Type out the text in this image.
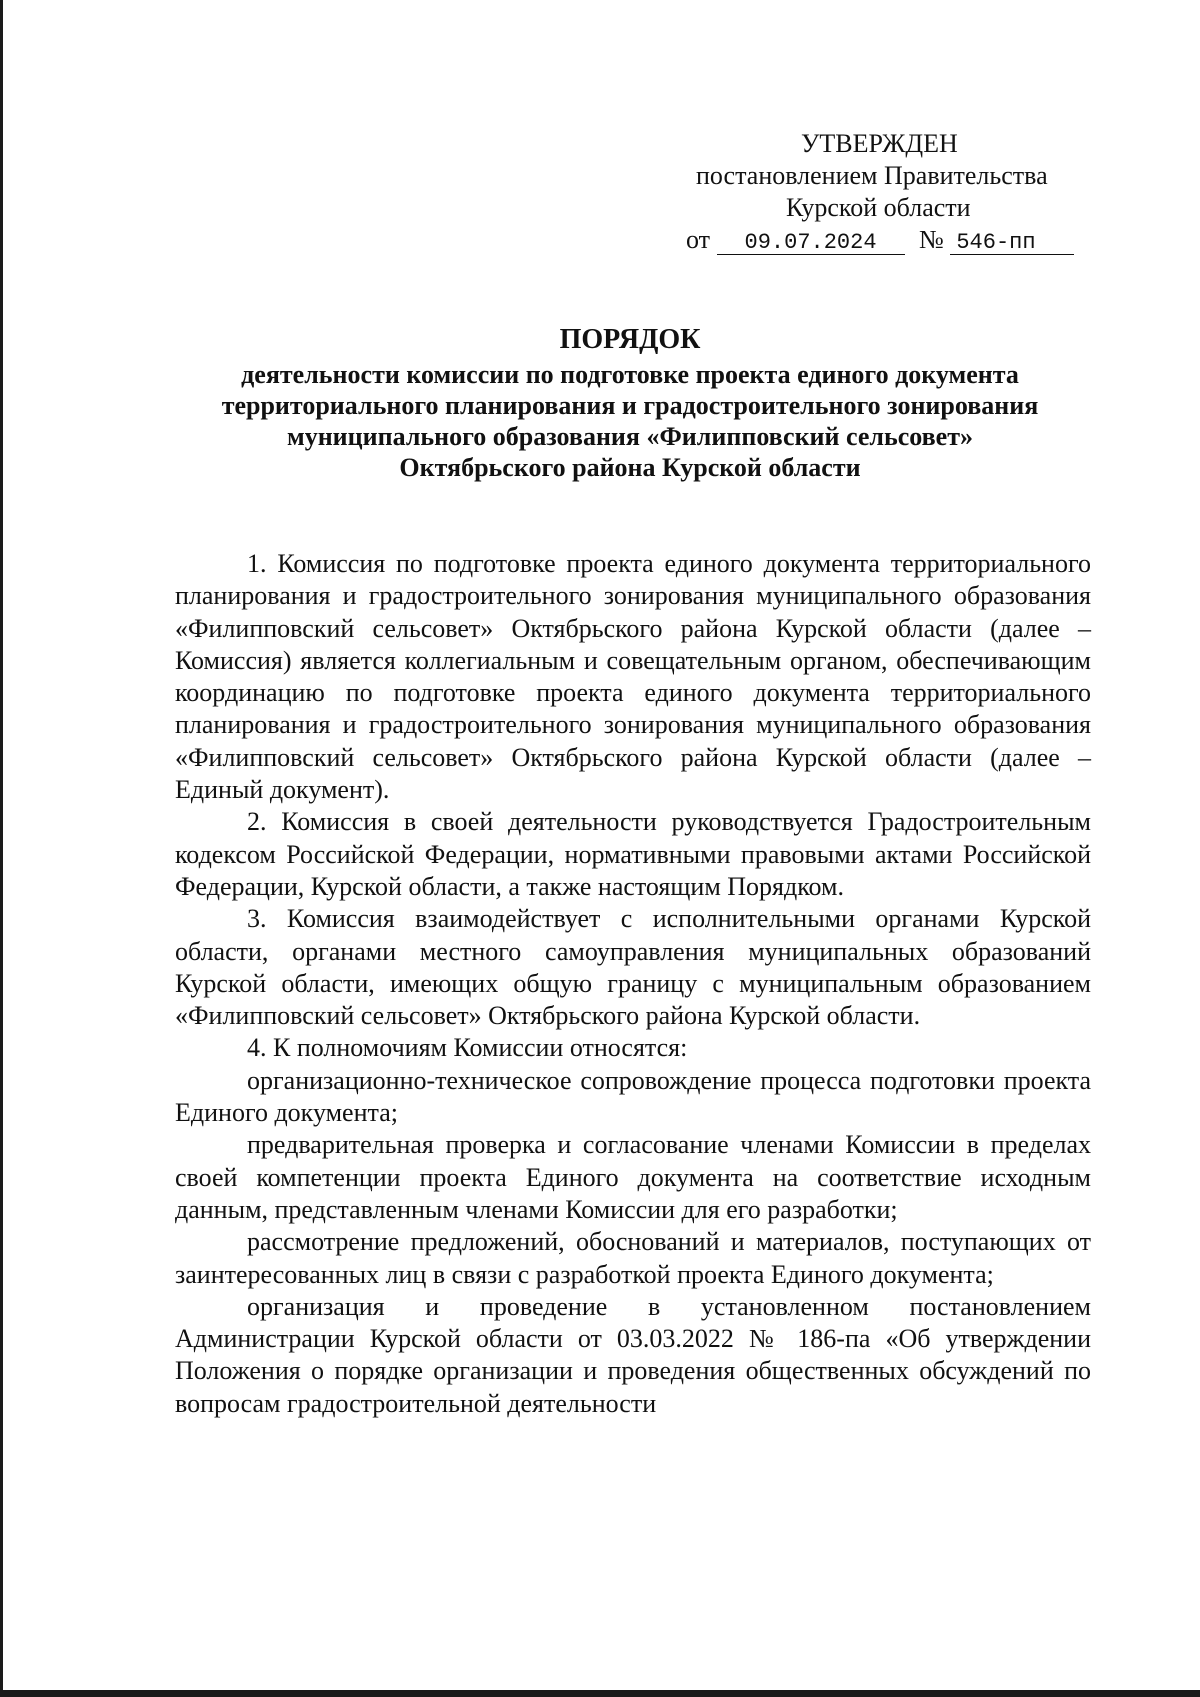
УТВЕРЖДЕН
постановлением Правительства
Курской области
от 09.07.2024 № 546-пп
ПОРЯДОК
деятельности комиссии по подготовке проекта единого документа
территориального планирования и градостроительного зонирования
муниципального образования «Филипповский сельсовет»
Октябрьского района Курской области

1. Комиссия по подготовке проекта единого документа территориального планирования и градостроительного зонирования муниципального образования «Филипповский сельсовет» Октябрьского района Курской области (далее – Комиссия) является коллегиальным и совещательным органом, обеспечивающим координацию по подготовке проекта единого документа территориального планирования и градостроительного зонирования муниципального образования «Филипповский сельсовет» Октябрьского района Курской области (далее – Единый документ).

2. Комиссия в своей деятельности руководствуется Градостроительным кодексом Российской Федерации, нормативными правовыми актами Российской Федерации, Курской области, а также настоящим Порядком.

3. Комиссия взаимодействует с исполнительными органами Курской области, органами местного самоуправления муниципальных образований Курской области, имеющих общую границу с муниципальным образованием «Филипповский сельсовет» Октябрьского района Курской области.

4. К полномочиям Комиссии относятся:

организационно-техническое сопровождение процесса подготовки проекта Единого документа;

предварительная проверка и согласование членами Комиссии в пределах своей компетенции проекта Единого документа на соответствие исходным данным, представленным членами Комиссии для его разработки;

рассмотрение предложений, обоснований и материалов, поступающих от заинтересованных лиц в связи с разработкой проекта Единого документа;

организация и проведение в установленном постановлением Администрации Курской области от 03.03.2022 № 186-па «Об утверждении Положения о порядке организации и проведения общественных обсуждений по вопросам градостроительной деятельности
